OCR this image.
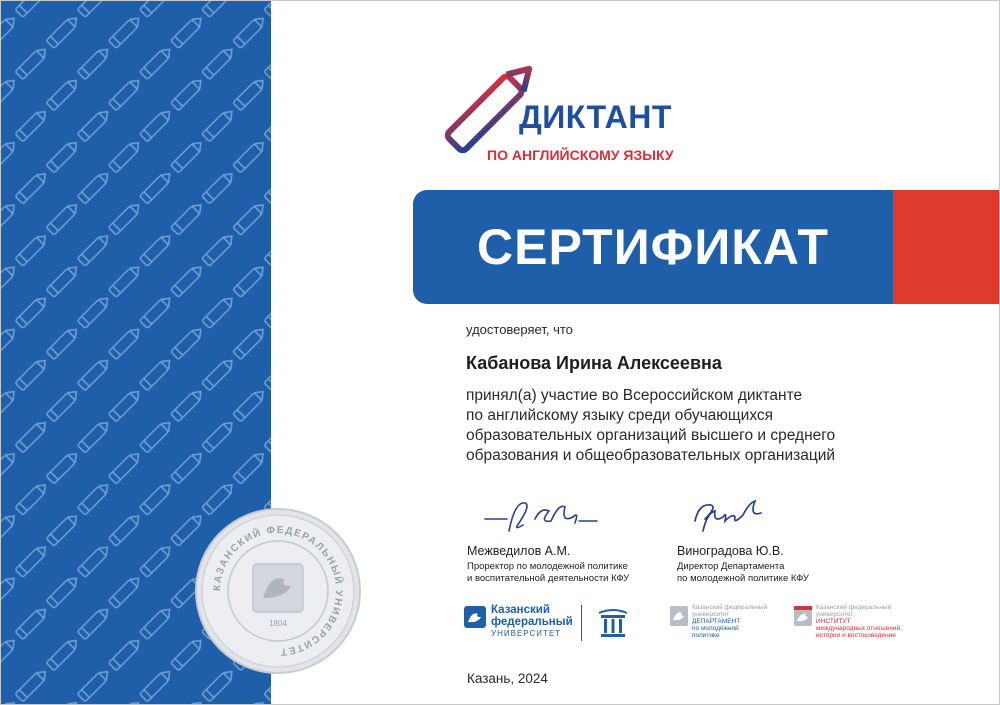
КАЗАНСКИЙ ФЕДЕРАЛЬНЫЙ УНИВЕРСИТЕТ
1804
ДИКТАНТ
ПО АНГЛИЙСКОМУ ЯЗЫКУ
СЕРТИФИКАТ
удостоверяет, что
Кабанова Ирина Алексеевна
принял(а) участие во Всероссийском диктанте
по английскому языку среди обучающихся
образовательных организаций высшего и среднего
образования и общеобразовательных организаций
Межведилов А.М.
Проректор по молодежной политике
и воспитательной деятельности КФУ
Виноградова Ю.В.
Директор Департамента
по молодежной политике КФУ
Казанский
федеральный
УНИВЕРСИТЕТ
Казанский федеральный
университет
ДЕПАРТАМЕНТ
по молодёжной
политике
Казанский федеральный
университет
ИНСТИТУТ
международных отношений,
истории и востоковедения
Казань, 2024
